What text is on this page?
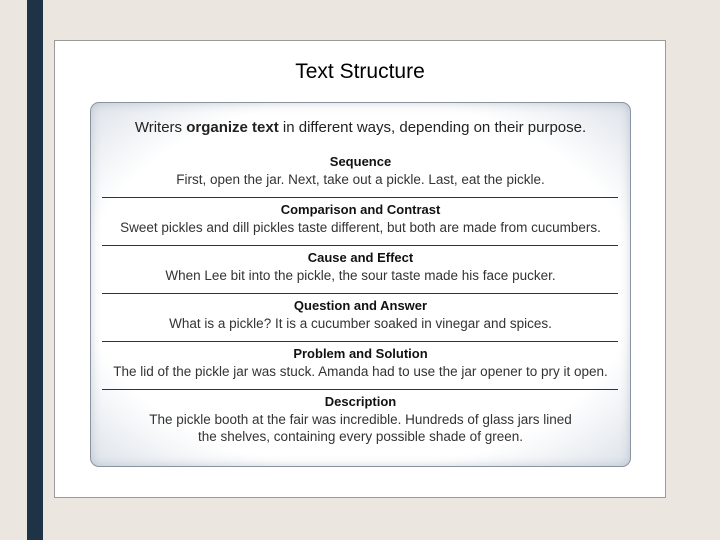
Text Structure
Writers organize text in different ways, depending on their purpose.
Sequence
First, open the jar. Next, take out a pickle. Last, eat the pickle.
Comparison and Contrast
Sweet pickles and dill pickles taste different, but both are made from cucumbers.
Cause and Effect
When Lee bit into the pickle, the sour taste made his face pucker.
Question and Answer
What is a pickle? It is a cucumber soaked in vinegar and spices.
Problem and Solution
The lid of the pickle jar was stuck. Amanda had to use the jar opener to pry it open.
Description
The pickle booth at the fair was incredible. Hundreds of glass jars lined
the shelves, containing every possible shade of green.
